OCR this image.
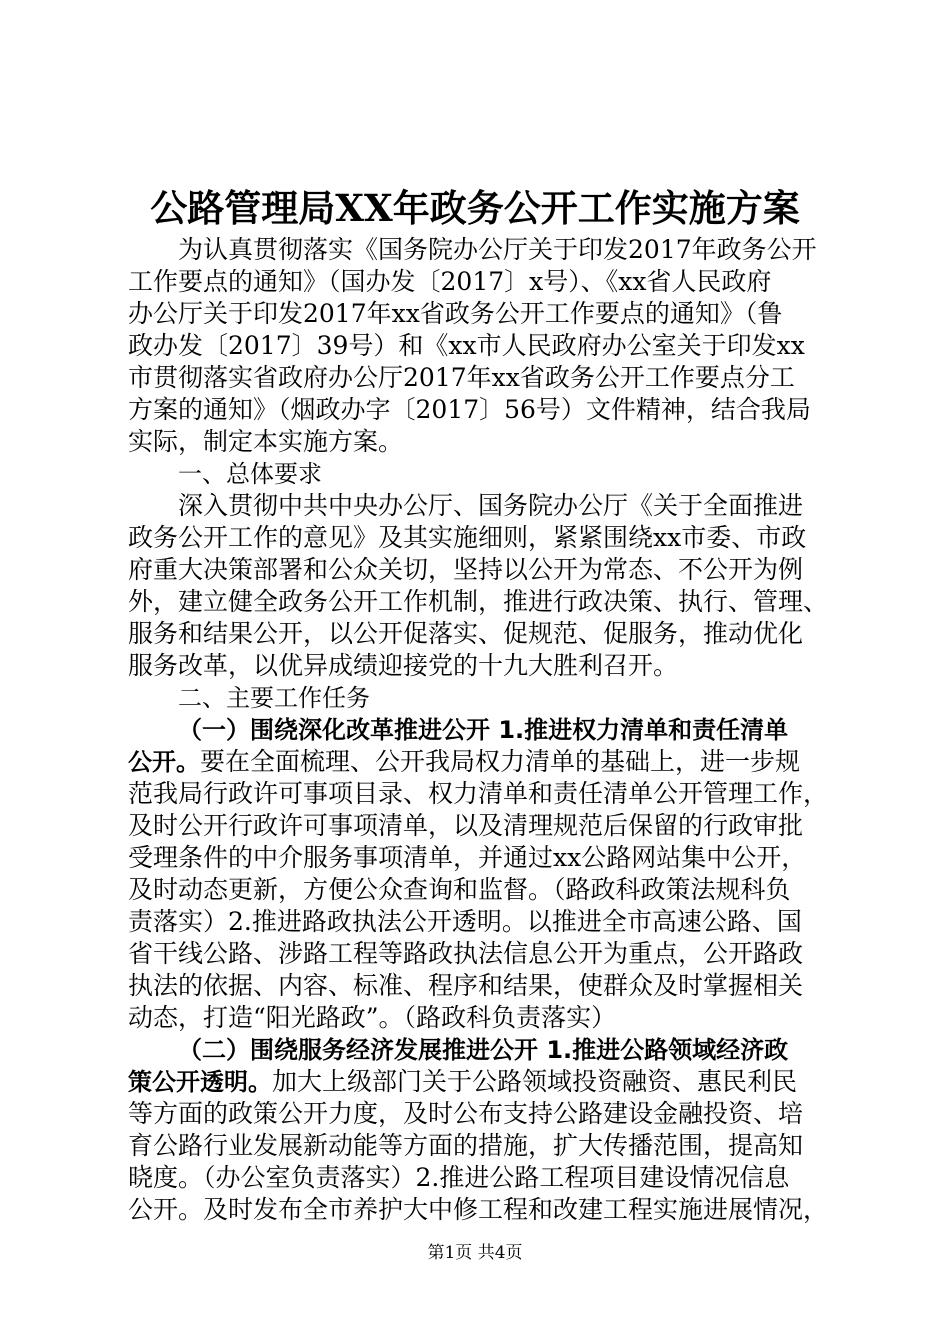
公路管理局XX年政务公开工作实施方案
为认真贯彻落实《国务院办公厅关于印发2017年政务公开
工作要点的通知》（国办发〔2017〕x号）、《xx省人民政府
办公厅关于印发2017年xx省政务公开工作要点的通知》（鲁
政办发〔2017〕39号）和《xx市人民政府办公室关于印发xx
市贯彻落实省政府办公厅2017年xx省政务公开工作要点分工
方案的通知》（烟政办字〔2017〕56号）文件精神，结合我局
实际，制定本实施方案。
一、总体要求
深入贯彻中共中央办公厅、国务院办公厅《关于全面推进
政务公开工作的意见》及其实施细则，紧紧围绕xx市委、市政
府重大决策部署和公众关切，坚持以公开为常态、不公开为例
外，建立健全政务公开工作机制，推进行政决策、执行、管理、
服务和结果公开，以公开促落实、促规范、促服务，推动优化
服务改革，以优异成绩迎接党的十九大胜利召开。
二、主要工作任务
（一）围绕深化改革推进公开 1.推进权力清单和责任清单
公开。要在全面梳理、公开我局权力清单的基础上，进一步规
范我局行政许可事项目录、权力清单和责任清单公开管理工作，
及时公开行政许可事项清单，以及清理规范后保留的行政审批
受理条件的中介服务事项清单，并通过xx公路网站集中公开，
及时动态更新，方便公众查询和监督。（路政科政策法规科负
责落实）2.推进路政执法公开透明。以推进全市高速公路、国
省干线公路、涉路工程等路政执法信息公开为重点，公开路政
执法的依据、内容、标准、程序和结果，使群众及时掌握相关
动态，打造“阳光路政”。（路政科负责落实）
（二）围绕服务经济发展推进公开 1.推进公路领域经济政
策公开透明。加大上级部门关于公路领域投资融资、惠民利民
等方面的政策公开力度，及时公布支持公路建设金融投资、培
育公路行业发展新动能等方面的措施，扩大传播范围，提高知
晓度。（办公室负责落实）2.推进公路工程项目建设情况信息
公开。及时发布全市养护大中修工程和改建工程实施进展情况，
第1页 共4页
